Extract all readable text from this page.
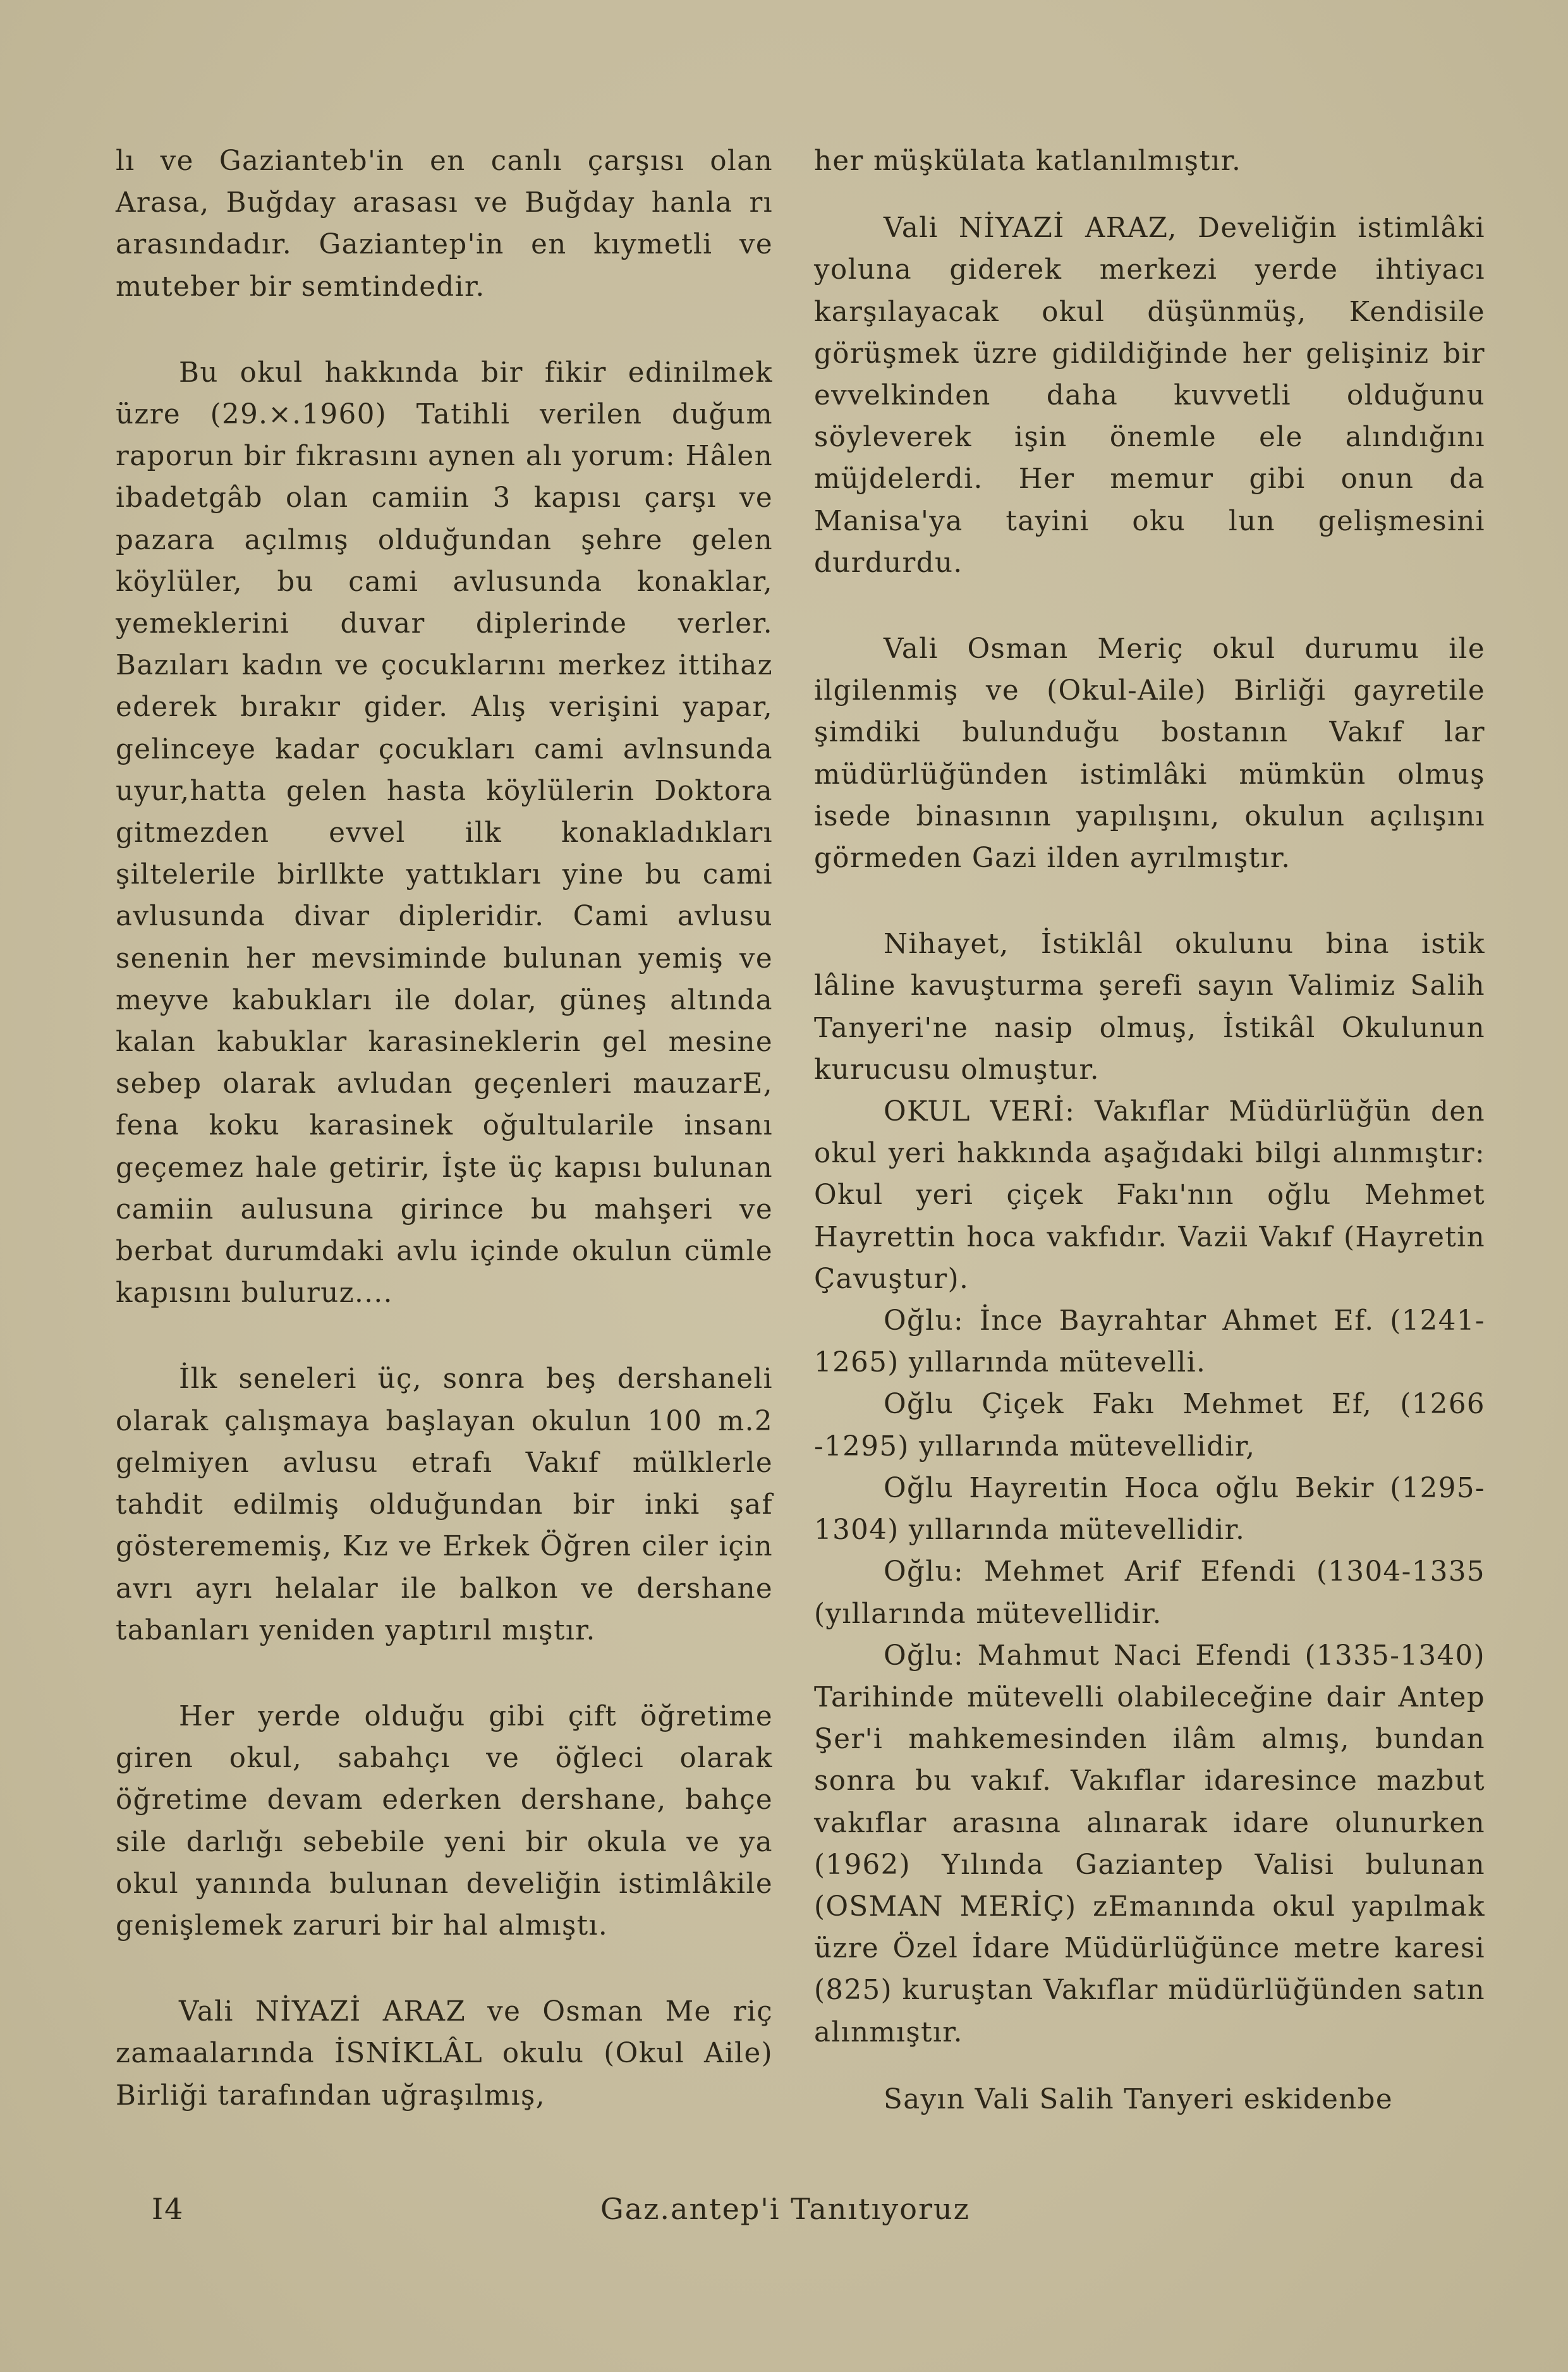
lı ve Gazianteb'in en canlı çarşısı olan Arasa, Buğday arasası ve Buğday hanla rı arasındadır. Gaziantep'in en kıymetli ve muteber bir semtindedir.

Bu okul hakkında bir fikir edinilmek üzre (29.×.1960) Tatihli verilen duğum raporun bir fıkrasını aynen alı yorum: Hâlen ibadetgâb olan camiin 3 kapısı çarşı ve pazara açılmış olduğundan şehre gelen köylüler, bu cami avlusunda konaklar, yemeklerini duvar diplerinde verler. Bazıları kadın ve çocuklarını merkez ittihaz ederek bırakır gider. Alış verişini yapar, gelinceye kadar çocukları cami avlnsunda uyur,hatta gelen hasta köylülerin Doktora gitmezden evvel ilk konakladıkları şiltelerile birllkte yattıkları yine bu cami avlusunda divar dipleridir. Cami avlusu senenin her mevsiminde bulunan yemiş ve meyve kabukları ile dolar, güneş altında kalan kabuklar karasineklerin gel mesine sebep olarak avludan geçenleri mauzarE, fena koku karasinek oğultularile insanı geçemez hale getirir, İşte üç kapısı bulunan camiin aulusuna girince bu mahşeri ve berbat durumdaki avlu içinde okulun cümle kapısını buluruz....

İlk seneleri üç, sonra beş dershaneli olarak çalışmaya başlayan okulun 100 m.2 gelmiyen avlusu etrafı Vakıf mülklerle tahdit edilmiş olduğundan bir inki şaf gösterememiş, Kız ve Erkek Öğren ciler için avrı ayrı helalar ile balkon ve dershane tabanları yeniden yaptırıl mıştır.

Her yerde olduğu gibi çift öğretime giren okul, sabahçı ve öğleci olarak öğretime devam ederken dershane, bahçe sile darlığı sebebile yeni bir okula ve ya okul yanında bulunan develiğin istimlâkile genişlemek zaruri bir hal almıştı.

Vali NİYAZİ ARAZ ve Osman Me riç zamaalarında İSNİKLÂL okulu (Okul Aile) Birliği tarafından uğraşılmış,

her müşkülata katlanılmıştır.

Vali NİYAZİ ARAZ, Develiğin istimlâki yoluna giderek merkezi yerde ihtiyacı karşılayacak okul düşünmüş, Kendisile görüşmek üzre gidildiğinde her gelişiniz bir evvelkinden daha kuvvetli olduğunu söyleverek işin önemle ele alındığını müjdelerdi. Her memur gibi onun da Manisa'ya tayini oku lun gelişmesini durdurdu.

Vali Osman Meriç okul durumu ile ilgilenmiş ve (Okul-Aile) Birliği gayretile şimdiki bulunduğu bostanın Vakıf lar müdürlüğünden istimlâki mümkün olmuş isede binasının yapılışını, okulun açılışını görmeden Gazi ilden ayrılmıştır.

Nihayet, İstiklâl okulunu bina istik lâline kavuşturma şerefi sayın Valimiz Salih Tanyeri'ne nasip olmuş, İstikâl Okulunun kurucusu olmuştur.

OKUL VERİ: Vakıflar Müdürlüğün den okul yeri hakkında aşağıdaki bilgi alınmıştır: Okul yeri çiçek Fakı'nın oğlu Mehmet Hayrettin hoca vakfıdır. Vazii Vakıf (Hayretin Çavuştur).

Oğlu: İnce Bayrahtar Ahmet Ef. (1241-1265) yıllarında mütevelli.

Oğlu Çiçek Fakı Mehmet Ef, (1266 -1295) yıllarında mütevellidir,

Oğlu Hayreıtin Hoca oğlu Bekir (1295-1304) yıllarında mütevellidir.

Oğlu: Mehmet Arif Efendi (1304-1335 (yıllarında mütevellidir.

Oğlu: Mahmut Naci Efendi (1335-1340) Tarihinde mütevelli olabileceğine dair Antep Şer'i mahkemesinden ilâm almış, bundan sonra bu vakıf. Vakıflar idaresince mazbut vakıflar arasına alınarak idare olunurken (1962) Yılında Gaziantep Valisi bulunan (OSMAN MERİÇ) zEmanında okul yapılmak üzre Özel İdare Müdürlüğünce metre karesi (825) kuruştan Vakıflar müdürlüğünden satın alınmıştır.

Sayın Vali Salih Tanyeri eskidenbe

I4	Gaz.antep'i Tanıtıyoruz
